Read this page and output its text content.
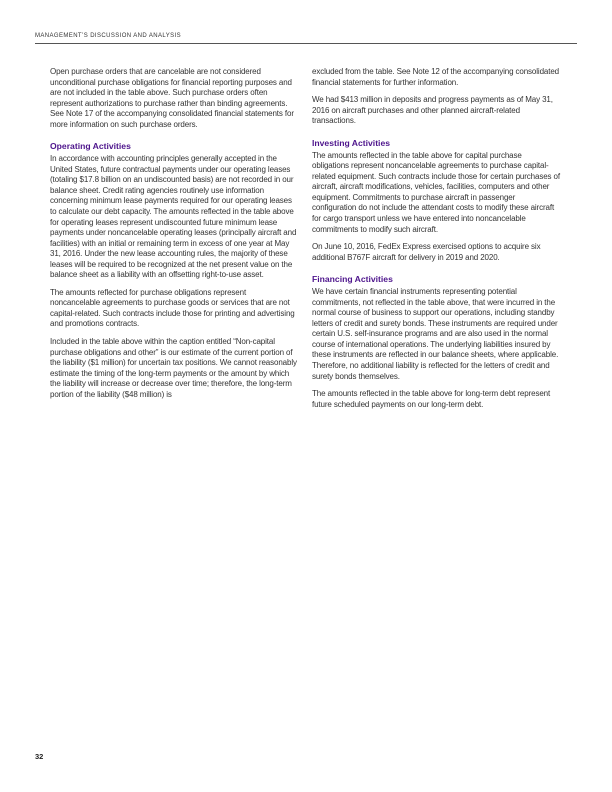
MANAGEMENT’S DISCUSSION AND ANALYSIS

Open purchase orders that are cancelable are not considered unconditional purchase obligations for financial reporting purposes and are not included in the table above. Such purchase orders often represent authorizations to purchase rather than binding agreements. See Note 17 of the accompanying consolidated financial statements for more information on such purchase orders.

Operating Activities

In accordance with accounting principles generally accepted in the United States, future contractual payments under our operating leases (totaling $17.8 billion on an undiscounted basis) are not recorded in our balance sheet. Credit rating agencies routinely use information concerning minimum lease payments required for our operating leases to calculate our debt capacity. The amounts reflected in the table above for operating leases represent undiscounted future minimum lease payments under noncancelable operating leases (principally aircraft and facilities) with an initial or remaining term in excess of one year at May 31, 2016. Under the new lease accounting rules, the majority of these leases will be required to be recognized at the net present value on the balance sheet as a liability with an offsetting right-to-use asset.

The amounts reflected for purchase obligations represent noncancelable agreements to purchase goods or services that are not capital-related. Such contracts include those for printing and advertising and promotions contracts.

Included in the table above within the caption entitled “Non-capital purchase obligations and other” is our estimate of the current portion of the liability ($1 million) for uncertain tax positions. We cannot reasonably estimate the timing of the long-term payments or the amount by which the liability will increase or decrease over time; therefore, the long-term portion of the liability ($48 million) is

excluded from the table. See Note 12 of the accompanying consolidated financial statements for further information.

We had $413 million in deposits and progress payments as of May 31, 2016 on aircraft purchases and other planned aircraft-related transactions.

Investing Activities

The amounts reflected in the table above for capital purchase obligations represent noncancelable agreements to purchase capital-related equipment. Such contracts include those for certain purchases of aircraft, aircraft modifications, vehicles, facilities, computers and other equipment. Commitments to purchase aircraft in passenger configuration do not include the attendant costs to modify these aircraft for cargo transport unless we have entered into noncancelable commitments to modify such aircraft.

On June 10, 2016, FedEx Express exercised options to acquire six additional B767F aircraft for delivery in 2019 and 2020.

Financing Activities

We have certain financial instruments representing potential commitments, not reflected in the table above, that were incurred in the normal course of business to support our operations, including standby letters of credit and surety bonds. These instruments are required under certain U.S. self-insurance programs and are also used in the normal course of international operations. The underlying liabilities insured by these instruments are reflected in our balance sheets, where applicable. Therefore, no additional liability is reflected for the letters of credit and surety bonds themselves.

The amounts reflected in the table above for long-term debt represent future scheduled payments on our long-term debt.

32
